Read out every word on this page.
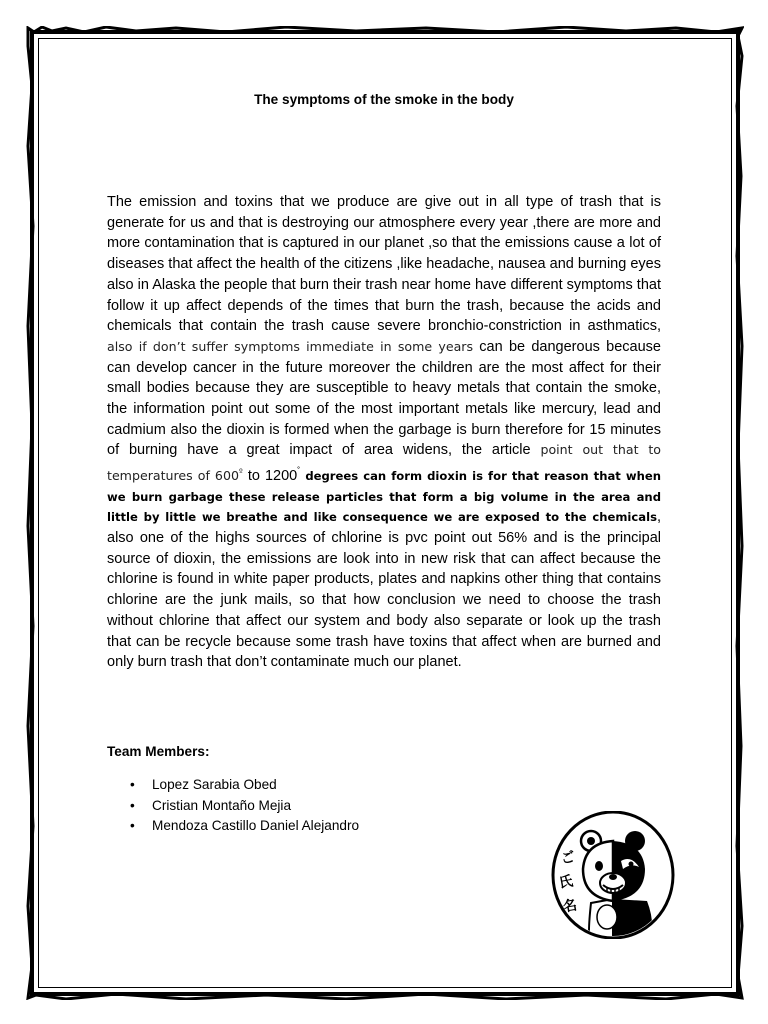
The symptoms of the smoke in the body

The emission and toxins that we produce are give out in all type of trash that is generate for us and that is destroying our atmosphere every year ,there are more and more contamination that is captured in our planet ,so that the emissions cause a lot of diseases that affect the health of the citizens ,like headache, nausea and burning eyes also in Alaska the people that burn their trash near home have different symptoms that follow it up affect depends of the times that burn the trash, because the acids and chemicals that contain the trash cause severe bronchio-constriction in asthmatics, also if don’t suffer symptoms immediate in some years can be dangerous because can develop cancer in the future moreover the children are the most affect for their small bodies because they are susceptible to heavy metals that contain the smoke, the information point out some of the most important metals like mercury, lead and cadmium also the dioxin is formed when the garbage is burn therefore for 15 minutes of burning have a great impact of area widens, the article point out that to temperatures of $600^º$ to 1200˚ degrees can form dioxin is for that reason that when we burn garbage these release particles that form a big volume in the area and little by little we breathe and like consequence we are exposed to the chemicals, also one of the highs sources of chlorine is pvc point out 56% and is the principal source of dioxin, the emissions are look into in new risk that can affect because the chlorine is found in white paper products, plates and napkins other thing that contains chlorine are the junk mails, so that how conclusion we need to choose the trash without chlorine that affect our system and body also separate or look up the trash that can be recycle because some trash have toxins that affect when are burned and only burn trash that don’t contaminate much our planet.

Team Members:
• Lopez Sarabia Obed
• Cristian Montaño Mejia
• Mendoza Castillo Daniel Alejandro
ご
氏
名
